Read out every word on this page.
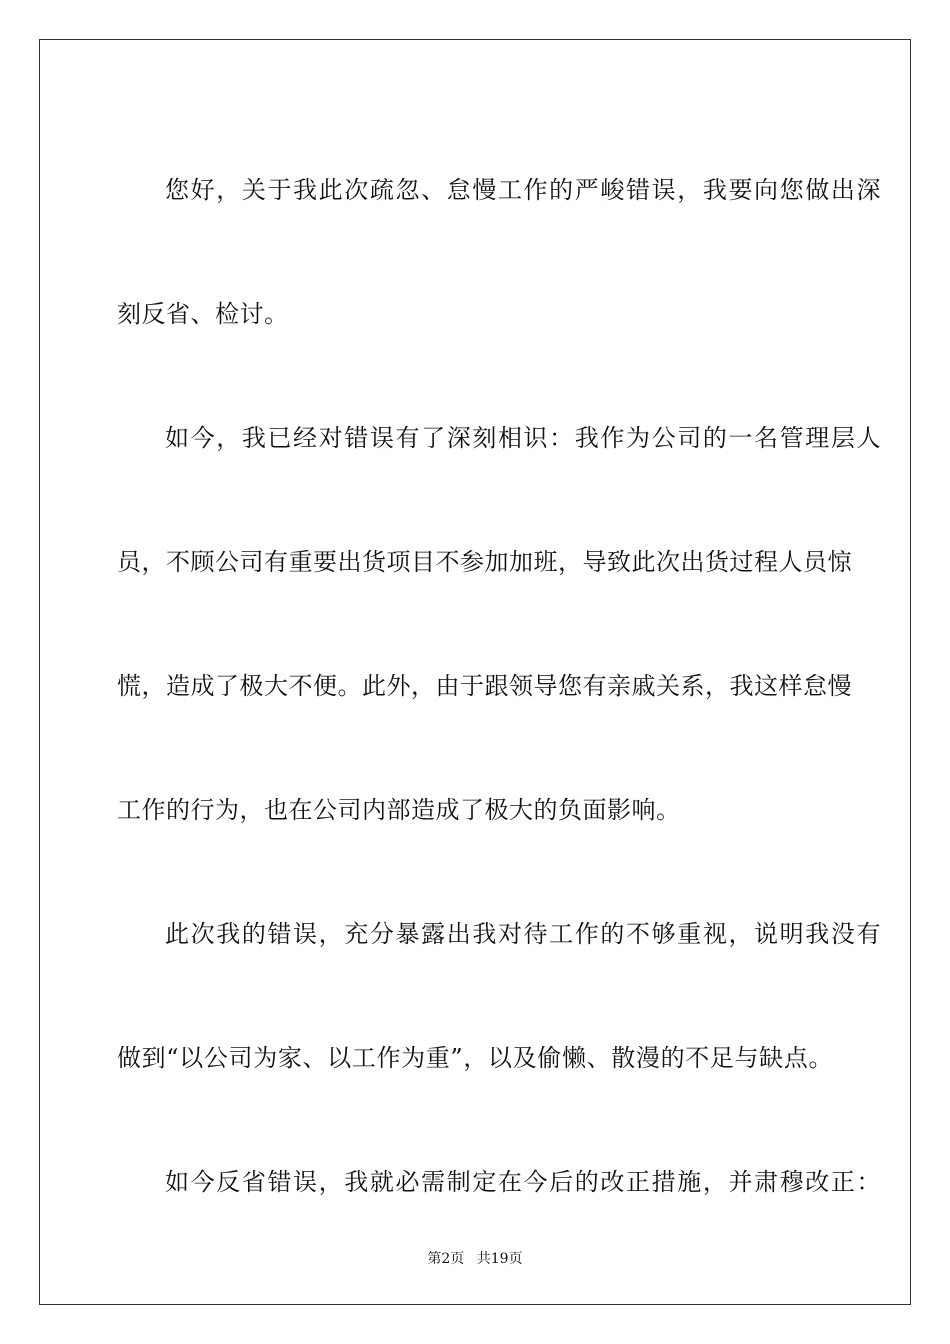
您好，关于我此次疏忽、怠慢工作的严峻错误，我要向您做出深
刻反省、检讨。
如今，我已经对错误有了深刻相识：我作为公司的一名管理层人
员，不顾公司有重要出货项目不参加加班，导致此次出货过程人员惊
慌，造成了极大不便。此外，由于跟领导您有亲戚关系，我这样怠慢
工作的行为，也在公司内部造成了极大的负面影响。
此次我的错误，充分暴露出我对待工作的不够重视，说明我没有
做到“以公司为家、以工作为重”，以及偷懒、散漫的不足与缺点。
如今反省错误，我就必需制定在今后的改正措施，并肃穆改正：
第2页 共19页
